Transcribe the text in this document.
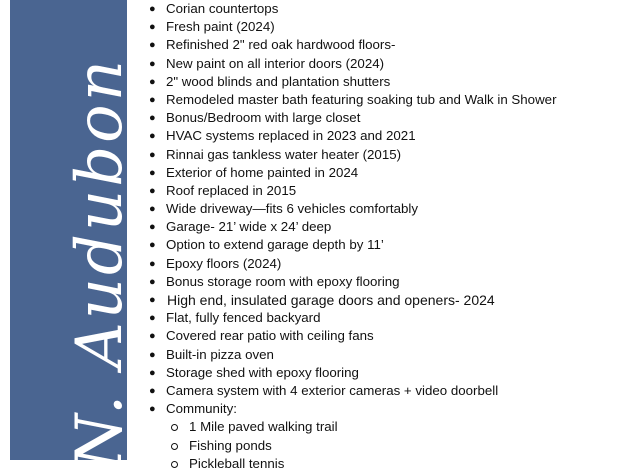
N. Audubon
● Corian countertops
● Fresh paint (2024)
● Refinished 2" red oak hardwood floors-
● New paint on all interior doors (2024)
● 2" wood blinds and plantation shutters
● Remodeled master bath featuring soaking tub and Walk in Shower
● Bonus/Bedroom with large closet
● HVAC systems replaced in 2023 and 2021
● Rinnai gas tankless water heater (2015)
● Exterior of home painted in 2024
● Roof replaced in 2015
● Wide driveway—fits 6 vehicles comfortably
● Garage- 21’ wide x 24’ deep
● Option to extend garage depth by 11’
● Epoxy floors (2024)
● Bonus storage room with epoxy flooring
● High end, insulated garage doors and openers- 2024
● Flat, fully fenced backyard
● Covered rear patio with ceiling fans
● Built-in pizza oven
● Storage shed with epoxy flooring
● Camera system with 4 exterior cameras + video doorbell
● Community:
1 Mile paved walking trail
Fishing ponds
Pickleball tennis
